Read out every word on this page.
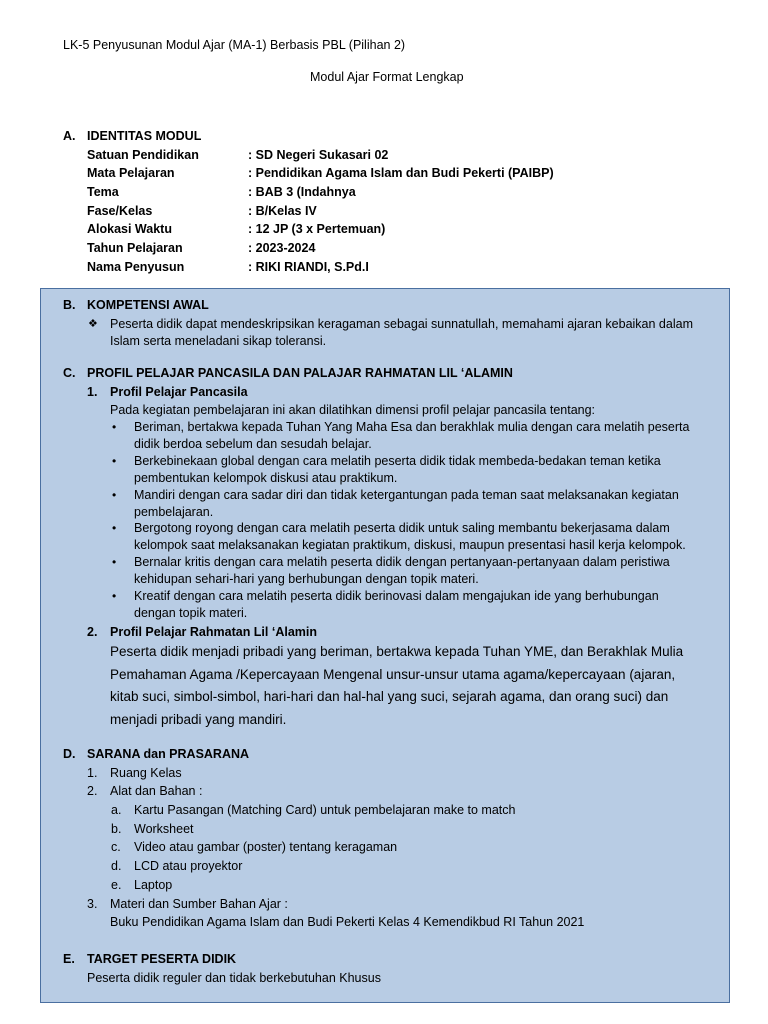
LK-5 Penyusunan Modul Ajar (MA-1) Berbasis PBL (Pilihan 2)
Modul Ajar Format Lengkap
A. IDENTITAS MODUL
Satuan Pendidikan	: SD Negeri Sukasari 02
Mata Pelajaran	: Pendidikan Agama Islam dan Budi Pekerti (PAIBP)
Tema	: BAB 3 (Indahnya
Fase/Kelas	: B/Kelas IV
Alokasi Waktu	: 12 JP (3 x Pertemuan)
Tahun Pelajaran	: 2023-2024
Nama Penyusun	: RIKI RIANDI, S.Pd.I
B. KOMPETENSI AWAL
❖ Peserta didik dapat mendeskripsikan keragaman sebagai sunnatullah, memahami ajaran kebaikan dalam
Islam serta meneladani sikap toleransi.
C. PROFIL PELAJAR PANCASILA DAN PALAJAR RAHMATAN LIL ‘ALAMIN
1. Profil Pelajar Pancasila
Pada kegiatan pembelajaran ini akan dilatihkan dimensi profil pelajar pancasila tentang:
• Beriman, bertakwa kepada Tuhan Yang Maha Esa dan berakhlak mulia dengan cara melatih peserta
didik berdoa sebelum dan sesudah belajar.
• Berkebinekaan global dengan cara melatih peserta didik tidak membeda-bedakan teman ketika
pembentukan kelompok diskusi atau praktikum.
• Mandiri dengan cara sadar diri dan tidak ketergantungan pada teman saat melaksanakan kegiatan
pembelajaran.
• Bergotong royong dengan cara melatih peserta didik untuk saling membantu bekerjasama dalam
kelompok saat melaksanakan kegiatan praktikum, diskusi, maupun presentasi hasil kerja kelompok.
• Bernalar kritis dengan cara melatih peserta didik dengan pertanyaan-pertanyaan dalam peristiwa
kehidupan sehari-hari yang berhubungan dengan topik materi.
• Kreatif dengan cara melatih peserta didik berinovasi dalam mengajukan ide yang berhubungan
dengan topik materi.
2. Profil Pelajar Rahmatan Lil ‘Alamin
Peserta didik menjadi pribadi yang beriman, bertakwa kepada Tuhan YME, dan Berakhlak Mulia
Pemahaman Agama /Kepercayaan Mengenal unsur-unsur utama agama/kepercayaan (ajaran,
kitab suci, simbol-simbol, hari-hari dan hal-hal yang suci, sejarah agama, dan orang suci) dan
menjadi pribadi yang mandiri.
D. SARANA dan PRASARANA
1. Ruang Kelas
2. Alat dan Bahan :
a. Kartu Pasangan (Matching Card) untuk pembelajaran make to match
b. Worksheet
c. Video atau gambar (poster) tentang keragaman
d. LCD atau proyektor
e. Laptop
3. Materi dan Sumber Bahan Ajar :
Buku Pendidikan Agama Islam dan Budi Pekerti Kelas 4 Kemendikbud RI Tahun 2021
E. TARGET PESERTA DIDIK
Peserta didik reguler dan tidak berkebutuhan Khusus
